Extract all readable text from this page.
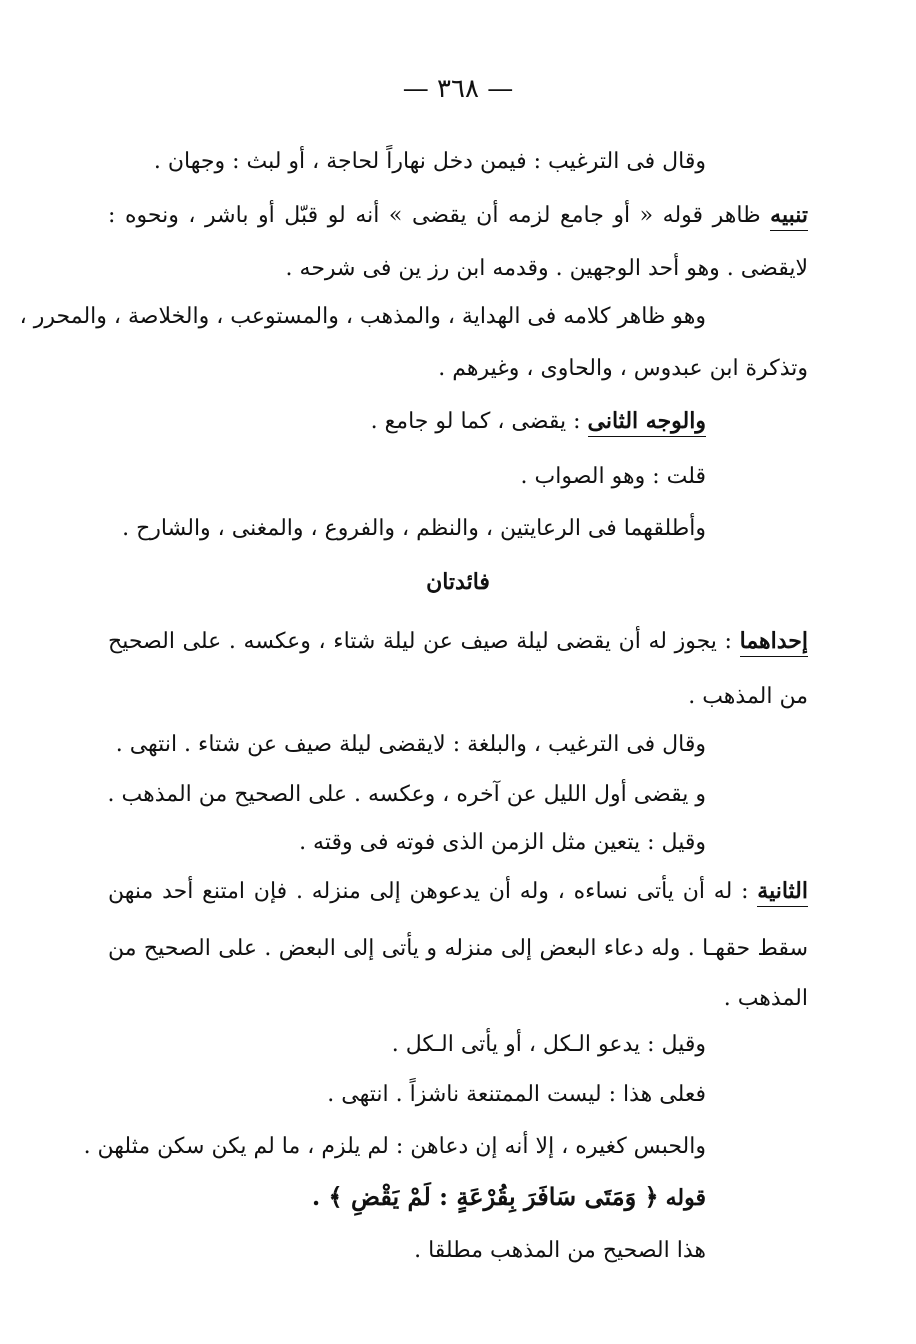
— ٣٦٨ —
وقال فى الترغيب : فيمن دخل نهاراً لحاجة ، أو لبث : وجهان .
تنبيه ظاهر قوله « أو جامع لزمه أن يقضى » أنه لو قبّل أو باشر ، ونحوه :
لايقضى . وهو أحد الوجهين . وقدمه ابن رز ين فى شرحه .
وهو ظاهر كلامه فى الهداية ، والمذهب ، والمستوعب ، والخلاصة ، والمحرر ،
وتذكرة ابن عبدوس ، والحاوى ، وغيرهم .
والوجه الثانى : يقضى ، كما لو جامع .
قلت : وهو الصواب .
وأطلقهما فى الرعايتين ، والنظم ، والفروع ، والمغنى ، والشارح .
فائدتان
إحداهما : يجوز له أن يقضى ليلة صيف عن ليلة شتاء ، وعكسه . على الصحيح
من المذهب .
وقال فى الترغيب ، والبلغة : لايقضى ليلة صيف عن شتاء . انتهى .
و يقضى أول الليل عن آخره ، وعكسه . على الصحيح من المذهب .
وقيل : يتعين مثل الزمن الذى فوته فى وقته .
الثانية : له أن يأتى نساءه ، وله أن يدعوهن إلى منزله . فإن امتنع أحد منهن
سقط حقهـا . وله دعاء البعض إلى منزله و يأتى إلى البعض . على الصحيح من
المذهب .
وقيل : يدعو الـكل ، أو يأتى الـكل .
فعلى هذا : ليست الممتنعة ناشزاً . انتهى .
والحبس كغيره ، إلا أنه إن دعاهن : لم يلزم ، ما لم يكن سكن مثلهن .
قوله ﴿ وَمَتَى سَافَرَ بِقُرْعَةٍ : لَمْ يَقْضِ ﴾ .
هذا الصحيح من المذهب مطلقا .
